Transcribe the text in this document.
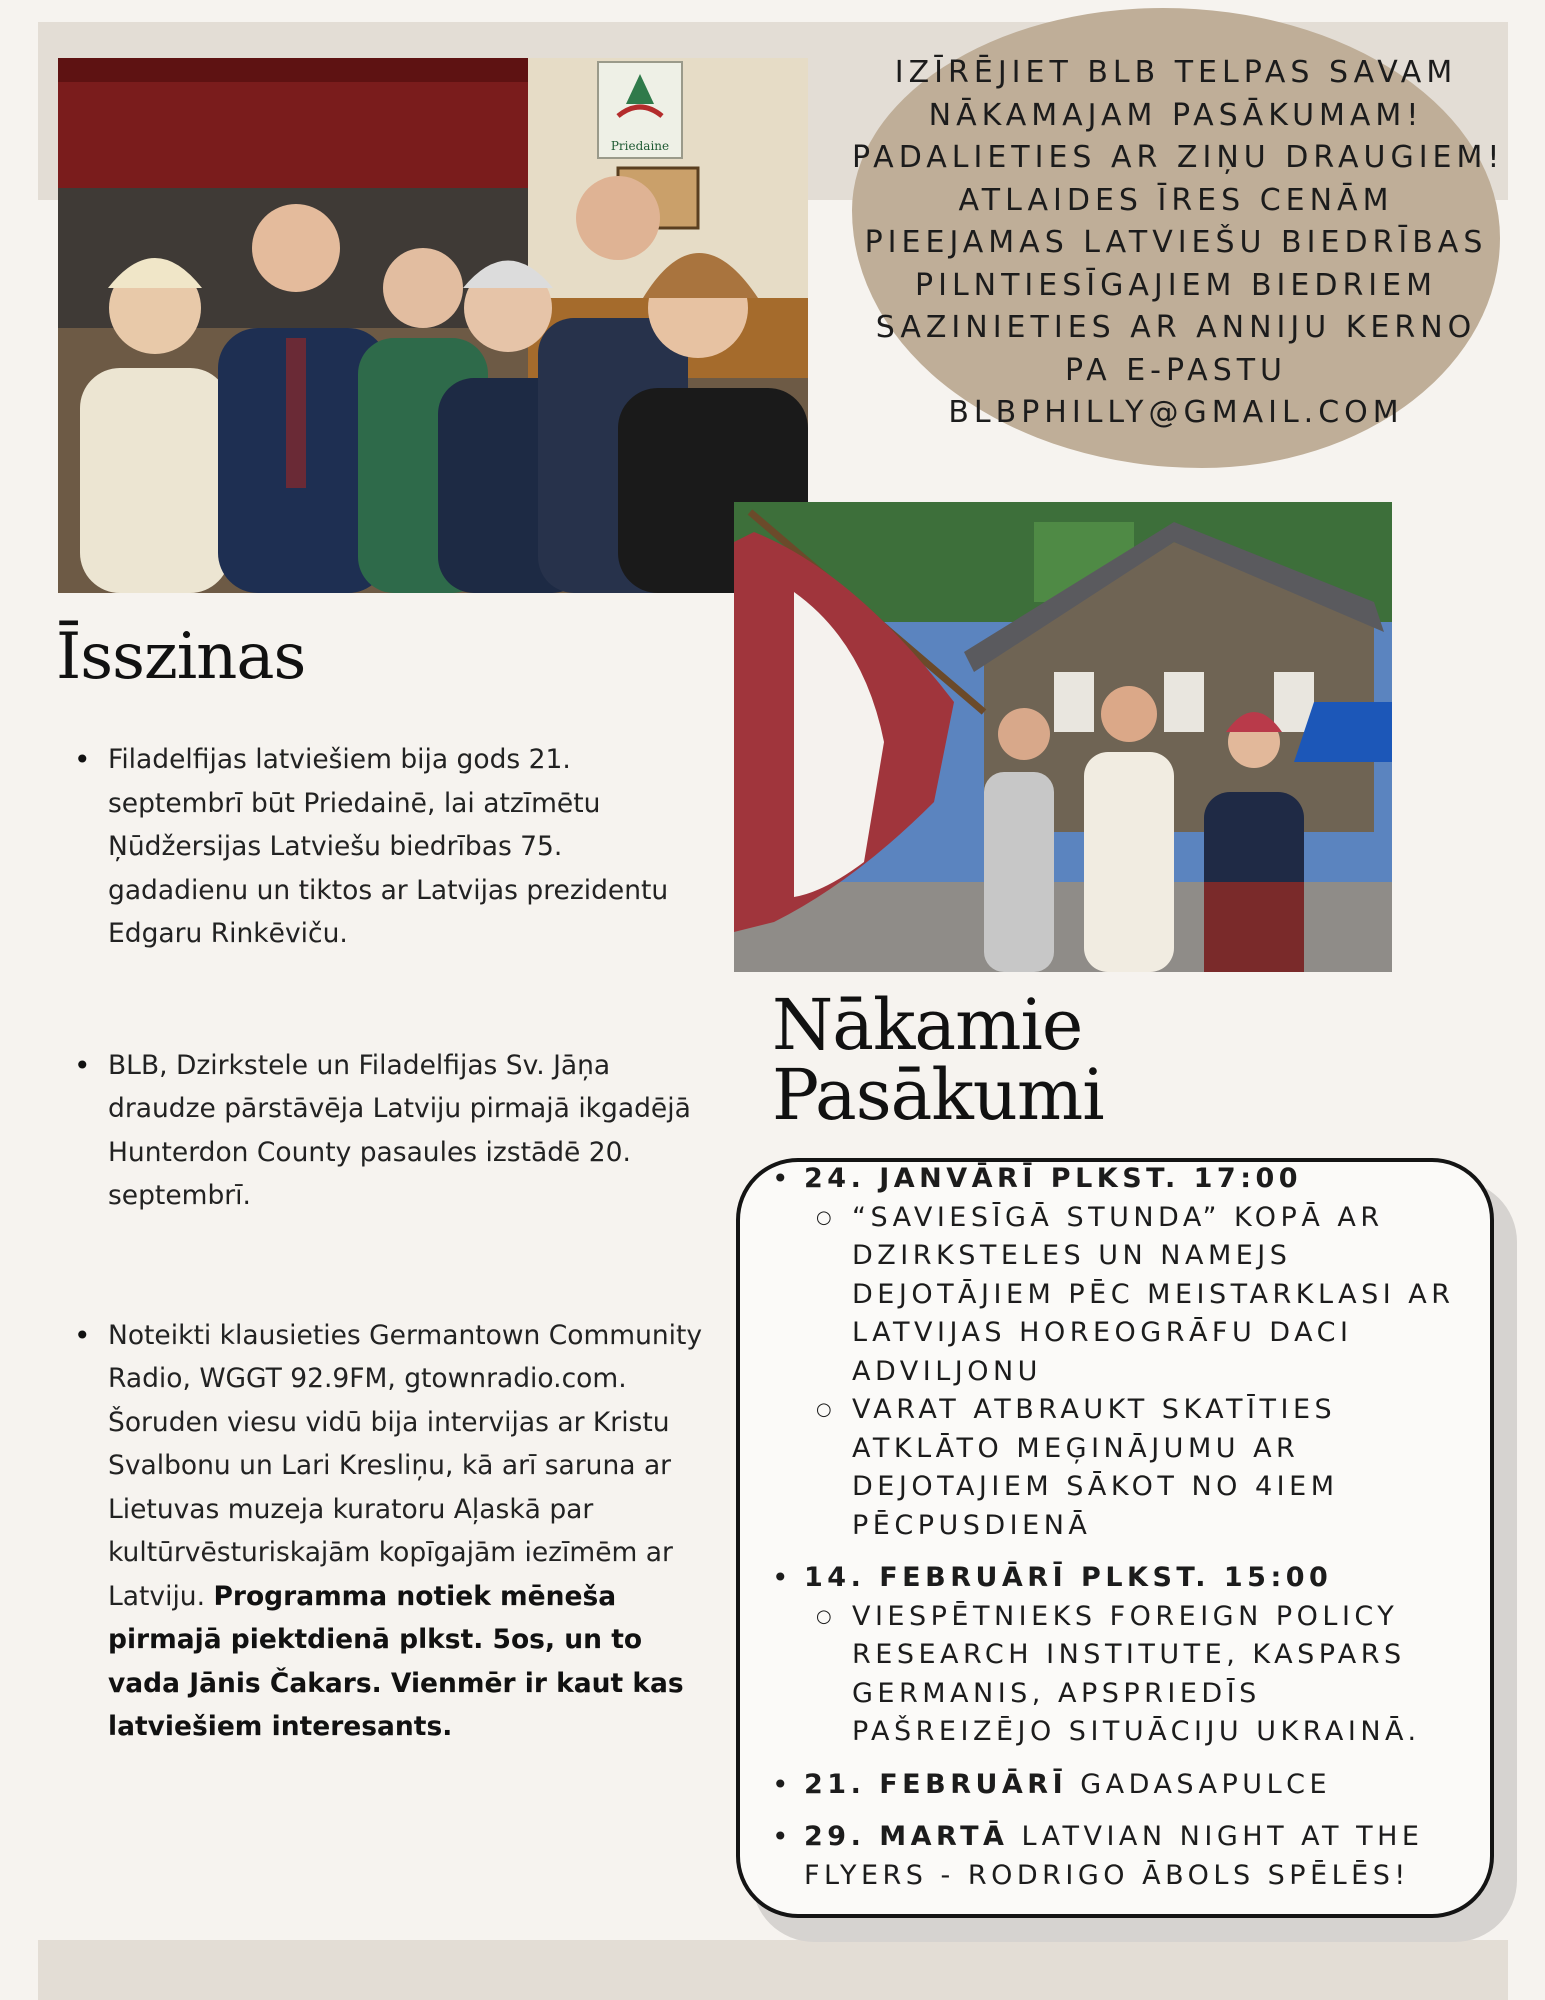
Priedaine
IZĪRĒJIET BLB TELPAS SAVAM
NĀKAMAJAM PASĀKUMAM!
PADALIETIES AR ZIŅU DRAUGIEM!
ATLAIDES ĪRES CENĀM
PIEEJAMAS LATVIEŠU BIEDRĪBAS
PILNTIESĪGAJIEM BIEDRIEM
SAZINIETIES AR ANNIJU KERNO
PA E-PASTU
BLBPHILLY@GMAIL.COM
Īsszinas
• Filadelfijas latviešiem bija gods 21. septembrī būt Priedainē, lai atzīmētu Ņūdžersijas Latviešu biedrības 75. gadadienu un tiktos ar Latvijas prezidentu Edgaru Rinkēviču.
• BLB, Dzirkstele un Filadelfijas Sv. Jāņa draudze pārstāvēja Latviju pirmajā ikgadējā Hunterdon County pasaules izstādē 20. septembrī.
• Noteikti klausieties Germantown Community Radio, WGGT 92.9FM, gtownradio.com. Šoruden viesu vidū bija intervijas ar Kristu Svalbonu un Lari Kresliņu, kā arī saruna ar Lietuvas muzeja kuratoru Aļaskā par kultūrvēsturiskajām kopīgajām iezīmēm ar Latviju. Programma notiek mēneša pirmajā piektdienā plkst. 5os, un to vada Jānis Čakars. Vienmēr ir kaut kas latviešiem interesants.
Nākamie
Pasākumi
• 24. JANVĀRĪ PLKST. 17:00
○ “SAVIESĪGĀ STUNDA” KOPĀ AR DZIRKSTELES UN NAMEJS DEJOTĀJIEM PĒC MEISTARKLASI AR LATVIJAS HOREOGRĀFU DACI ADVILJONU
○ VARAT ATBRAUKT SKATĪTIES ATKLĀTO MEĢINĀJUMU AR DEJOTAJIEM SĀKOT NO 4IEM PĒCPUSDIENĀ
• 14. FEBRUĀRĪ PLKST. 15:00
○ VIESPĒTNIEKS FOREIGN POLICY RESEARCH INSTITUTE, KASPARS GERMANIS, APSPRIEDĪS PAŠREIZĒJO SITUĀCIJU UKRAINĀ.
• 21. FEBRUĀRĪ GADASAPULCE
• 29. MARTĀ LATVIAN NIGHT AT THE FLYERS - RODRIGO ĀBOLS SPĒLĒS!
